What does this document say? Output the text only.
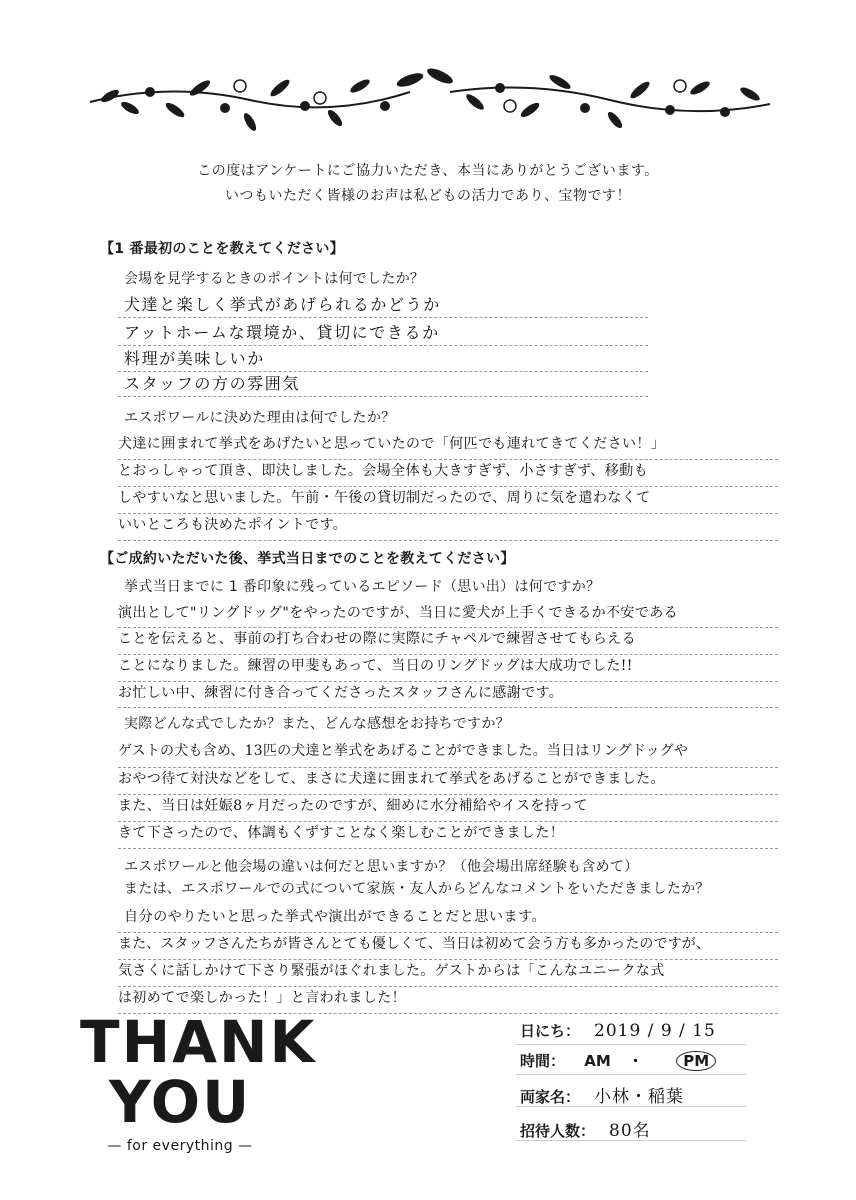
この度はアンケートにご協力いただき、本当にありがとうございます。
いつもいただく皆様のお声は私どもの活力であり、宝物です！
【1 番最初のことを教えてください】
会場を見学するときのポイントは何でしたか？
犬達と楽しく挙式があげられるかどうか
アットホームな環境か、貸切にできるか
料理が美味しいか
スタッフの方の雰囲気
エスポワールに決めた理由は何でしたか？
犬達に囲まれて挙式をあげたいと思っていたので「何匹でも連れてきてください！」
とおっしゃって頂き、即決しました。会場全体も大きすぎず、小さすぎず、移動も
しやすいなと思いました。午前・午後の貸切制だったので、周りに気を遣わなくて
いいところも決めたポイントです。
【ご成約いただいた後、挙式当日までのことを教えてください】
挙式当日までに 1 番印象に残っているエピソード（思い出）は何ですか？
演出として"リングドッグ"をやったのですが、当日に愛犬が上手くできるか不安である
ことを伝えると、事前の打ち合わせの際に実際にチャペルで練習させてもらえる
ことになりました。練習の甲斐もあって、当日のリングドッグは大成功でした!!
お忙しい中、練習に付き合ってくださったスタッフさんに感謝です。
実際どんな式でしたか？また、どんな感想をお持ちですか？
ゲストの犬も含め、13匹の犬達と挙式をあげることができました。当日はリングドッグや
おやつ待て対決などをして、まさに犬達に囲まれて挙式をあげることができました。
また、当日は妊娠8ヶ月だったのですが、細めに水分補給やイスを持って
きて下さったので、体調もくずすことなく楽しむことができました！
エスポワールと他会場の違いは何だと思いますか？（他会場出席経験も含めて）
または、エスポワールでの式について家族・友人からどんなコメントをいただきましたか？
自分のやりたいと思った挙式や演出ができることだと思います。
また、スタッフさんたちが皆さんとても優しくて、当日は初めて会う方も多かったのですが、
気さくに話しかけて下さり緊張がほぐれました。ゲストからは「こんなユニークな式
は初めてで楽しかった！」と言われました！
THANK
YOU
— for everything —
日にち： 2019 / 9 / 15
時間： AM ・	PM
両家名： 小林・稲葉
招待人数： 80名
